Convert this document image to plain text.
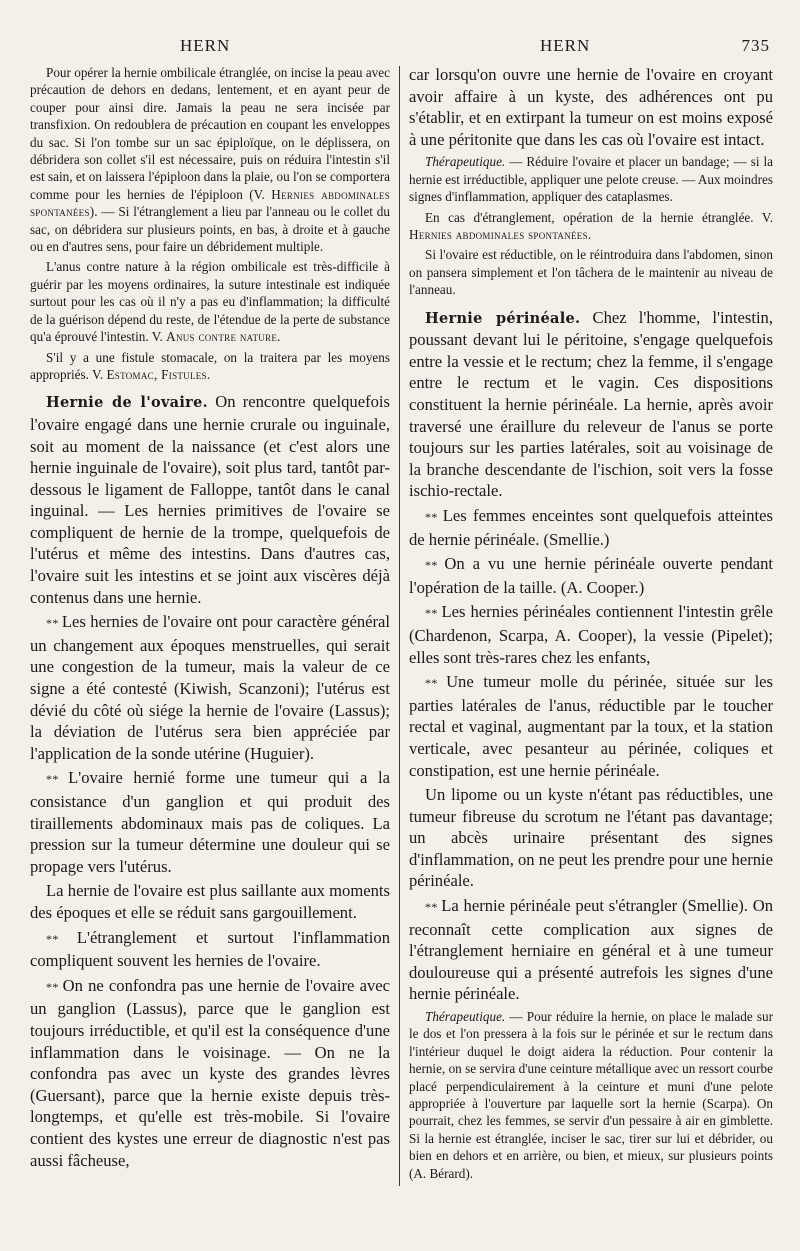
HERN	HERN	735

Pour opérer la hernie ombilicale étranglée, on incise la peau avec précaution de dehors en dedans, lentement, et en ayant peur de couper pour ainsi dire. Jamais la peau ne sera incisée par transfixion. On redoublera de précaution en coupant les enveloppes du sac. Si l'on tombe sur un sac épiploïque, on le déplissera, on débridera son collet s'il est nécessaire, puis on réduira l'intestin s'il est sain, et on laissera l'épiploon dans la plaie, ou l'on se comportera comme pour les hernies de l'épiploon (V. Hernies abdominales spontanées). — Si l'étranglement a lieu par l'anneau ou le collet du sac, on débridera sur plusieurs points, en bas, à droite et à gauche ou en d'autres sens, pour faire un débridement multiple.

L'anus contre nature à la région ombilicale est très-difficile à guérir par les moyens ordinaires, la suture intestinale est indiquée surtout pour les cas où il n'y a pas eu d'inflammation; la difficulté de la guérison dépend du reste, de l'étendue de la perte de substance qu'a éprouvé l'intestin. V. Anus contre nature.

S'il y a une fistule stomacale, on la traitera par les moyens appropriés. V. Estomac, Fistules.

Hernie de l'ovaire. On rencontre quelquefois l'ovaire engagé dans une hernie crurale ou inguinale, soit au moment de la naissance (et c'est alors une hernie inguinale de l'ovaire), soit plus tard, tantôt par-dessous le ligament de Falloppe, tantôt dans le canal inguinal. — Les hernies primitives de l'ovaire se compliquent de hernie de la trompe, quelquefois de l'utérus et même des intestins. Dans d'autres cas, l'ovaire suit les intestins et se joint aux viscères déjà contenus dans une hernie.

* * Les hernies de l'ovaire ont pour caractère général un changement aux époques menstruelles, qui serait une congestion de la tumeur, mais la valeur de ce signe a été contesté (Kiwish, Scanzoni); l'utérus est dévié du côté où siége la hernie de l'ovaire (Lassus); la déviation de l'utérus sera bien appréciée par l'application de la sonde utérine (Huguier).

* * L'ovaire hernié forme une tumeur qui a la consistance d'un ganglion et qui produit des tiraillements abdominaux mais pas de coliques. La pression sur la tumeur détermine une douleur qui se propage vers l'utérus.

La hernie de l'ovaire est plus saillante aux moments des époques et elle se réduit sans gargouillement.

* * L'étranglement et surtout l'inflammation compliquent souvent les hernies de l'ovaire.

* * On ne confondra pas une hernie de l'ovaire avec un ganglion (Lassus), parce que le ganglion est toujours irréductible, et qu'il est la conséquence d'une inflammation dans le voisinage. — On ne la confondra pas avec un kyste des grandes lèvres (Guersant), parce que la hernie existe depuis très-longtemps, et qu'elle est très-mobile. Si l'ovaire contient des kystes une erreur de diagnostic n'est pas aussi fâcheuse,

car lorsqu'on ouvre une hernie de l'ovaire en croyant avoir affaire à un kyste, des adhérences ont pu s'établir, et en extirpant la tumeur on est moins exposé à une péritonite que dans les cas où l'ovaire est intact.

Thérapeutique. — Réduire l'ovaire et placer un bandage; — si la hernie est irréductible, appliquer une pelote creuse. — Aux moindres signes d'inflammation, appliquer des cataplasmes.

En cas d'étranglement, opération de la hernie étranglée. V. Hernies abdominales spontanées.

Si l'ovaire est réductible, on le réintroduira dans l'abdomen, sinon on pansera simplement et l'on tâchera de le maintenir au niveau de l'anneau.

Hernie périnéale. Chez l'homme, l'intestin, poussant devant lui le péritoine, s'engage quelquefois entre la vessie et le rectum; chez la femme, il s'engage entre le rectum et le vagin. Ces dispositions constituent la hernie périnéale. La hernie, après avoir traversé une éraillure du releveur de l'anus se porte toujours sur les parties latérales, soit au voisinage de la branche descendante de l'ischion, soit vers la fosse ischio-rectale.

* * Les femmes enceintes sont quelquefois atteintes de hernie périnéale. (Smellie.)

* * On a vu une hernie périnéale ouverte pendant l'opération de la taille. (A. Cooper.)

* * Les hernies périnéales contiennent l'intestin grêle (Chardenon, Scarpa, A. Cooper), la vessie (Pipelet); elles sont très-rares chez les enfants,

* * Une tumeur molle du périnée, située sur les parties latérales de l'anus, réductible par le toucher rectal et vaginal, augmentant par la toux, et la station verticale, avec pesanteur au périnée, coliques et constipation, est une hernie périnéale.

Un lipome ou un kyste n'étant pas réductibles, une tumeur fibreuse du scrotum ne l'étant pas davantage; un abcès urinaire présentant des signes d'inflammation, on ne peut les prendre pour une hernie périnéale.

* * La hernie périnéale peut s'étrangler (Smellie). On reconnaît cette complication aux signes de l'étranglement herniaire en général et à une tumeur douloureuse qui a présenté autrefois les signes d'une hernie périnéale.

Thérapeutique. — Pour réduire la hernie, on place le malade sur le dos et l'on pressera à la fois sur le périnée et sur le rectum dans l'intérieur duquel le doigt aidera la réduction. Pour contenir la hernie, on se servira d'une ceinture métallique avec un ressort courbe placé perpendiculairement à la ceinture et muni d'une pelote appropriée à l'ouverture par laquelle sort la hernie (Scarpa). On pourrait, chez les femmes, se servir d'un pessaire à air en gimblette. Si la hernie est étranglée, inciser le sac, tirer sur lui et débrider, ou bien en dehors et en arrière, ou bien, et mieux, sur plusieurs points (A. Bérard).
